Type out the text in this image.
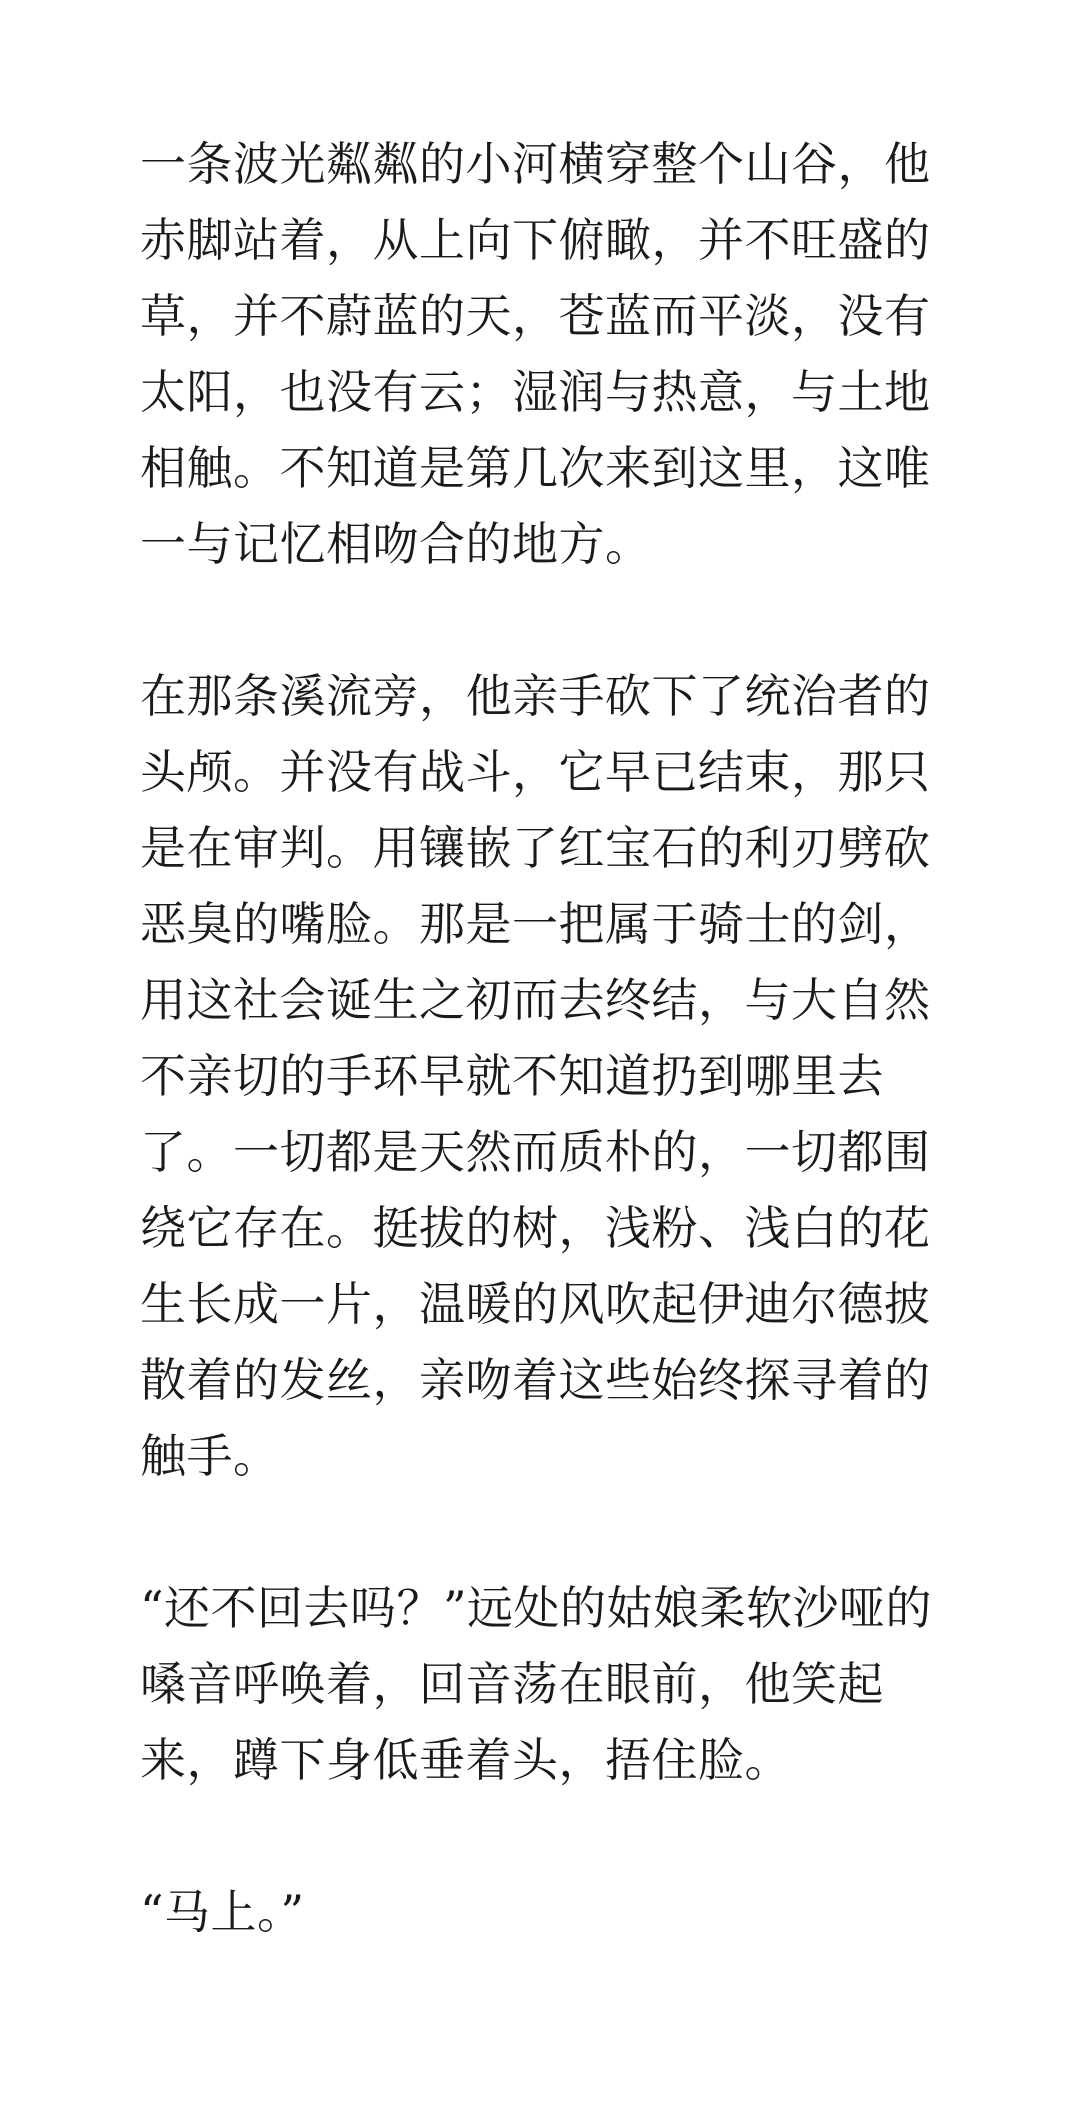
一条波光粼粼的小河横穿整个山谷，他赤脚站着，从上向下俯瞰，并不旺盛的草，并不蔚蓝的天，苍蓝而平淡，没有太阳，也没有云；湿润与热意，与土地相触。不知道是第几次来到这里，这唯一与记忆相吻合的地方。

在那条溪流旁，他亲手砍下了统治者的头颅。并没有战斗，它早已结束，那只是在审判。用镶嵌了红宝石的利刃劈砍恶臭的嘴脸。那是一把属于骑士的剑，用这社会诞生之初而去终结，与大自然不亲切的手环早就不知道扔到哪里去了。一切都是天然而质朴的，一切都围绕它存在。挺拔的树，浅粉、浅白的花生长成一片，温暖的风吹起伊迪尔德披散着的发丝，亲吻着这些始终探寻着的触手。

“还不回去吗？”远处的姑娘柔软沙哑的嗓音呼唤着，回音荡在眼前，他笑起来，蹲下身低垂着头，捂住脸。

“马上。”
